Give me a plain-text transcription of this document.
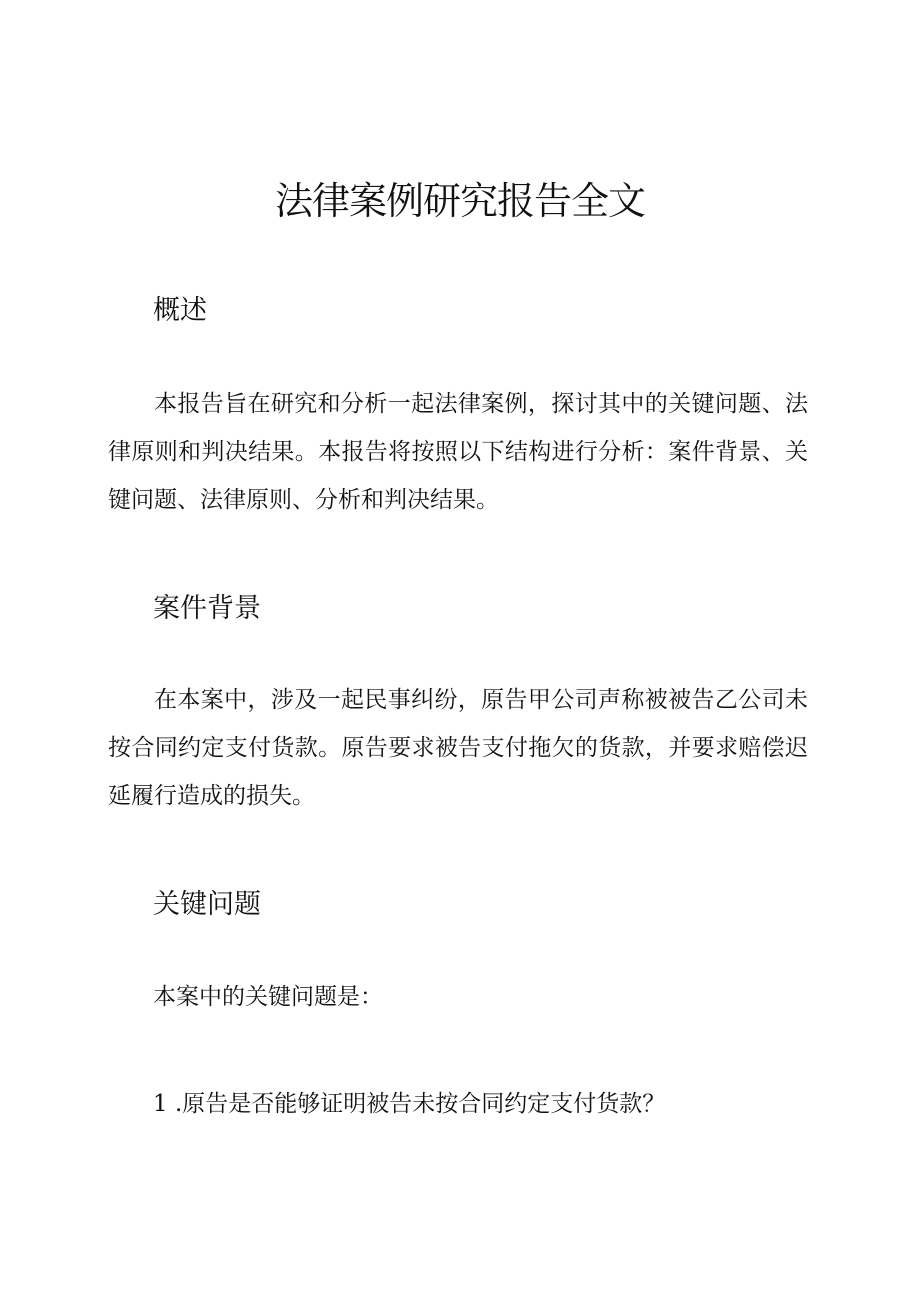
法律案例研究报告全文
概述

本报告旨在研究和分析一起法律案例，探讨其中的关键问题、法律原则和判决结果。本报告将按照以下结构进行分析：案件背景、关键问题、法律原则、分析和判决结果。

案件背景

在本案中，涉及一起民事纠纷，原告甲公司声称被被告乙公司未按合同约定支付货款。原告要求被告支付拖欠的货款，并要求赔偿迟延履行造成的损失。

关键问题

本案中的关键问题是：

1 .原告是否能够证明被告未按合同约定支付货款？
